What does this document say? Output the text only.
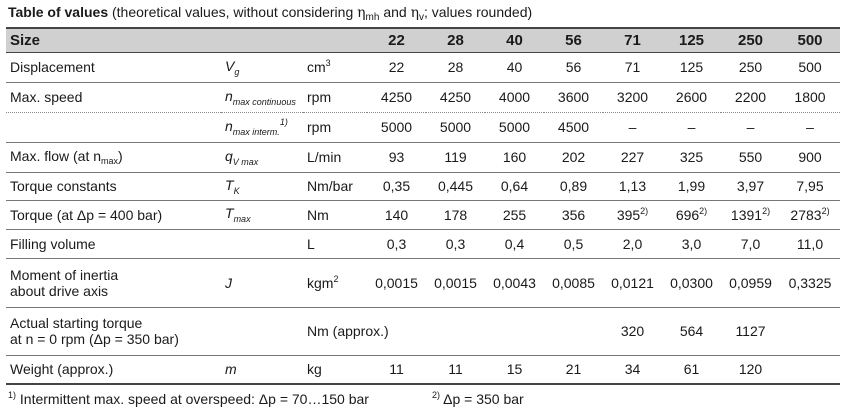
Table of values (theoretical values, without considering $\eta_{mh}$ and $\eta_v$; values rounded)
Size			22	28	40	56	71	125	250	500
Displacement	$V_g$	$cm^3$	22	28	40	56	71	125	250	500
Max. speed	$n_{max continuous}$	rpm	4250	4250	4000	3600	3200	2600	2200	1800
	$n_{max interm.}^{1)}$	rpm	5000	5000	5000	4500	–	–	–	–
Max. flow (at $n_{max}$)	$q_{V max}$	L/min	93	119	160	202	227	325	550	900
Torque constants	$T_K$	Nm/bar	0,35	0,445	0,64	0,89	1,13	1,99	3,97	7,95
Torque (at Δp = 400 bar)	$T_{max}$	Nm	140	178	255	356	395$^{2)}$	696$^{2)}$	1391$^{2)}$	2783$^{2)}$
Filling volume		L	0,3	0,3	0,4	0,5	2,0	3,0	7,0	11,0
Moment of inertia
about drive axis	J	kgm$^2$	0,0015	0,0015	0,0043	0,0085	0,0121	0,0300	0,0959	0,3325
Actual starting torque
at n = 0 rpm (Δp = 350 bar)		Nm (approx.)					320	564	1127	
Weight (approx.)	m	kg	11	11	15	21	34	61	120	
$^{1)}$ Intermittent max. speed at overspeed: Δp = 70…150 bar	$^{2)}$ Δp = 350 bar
